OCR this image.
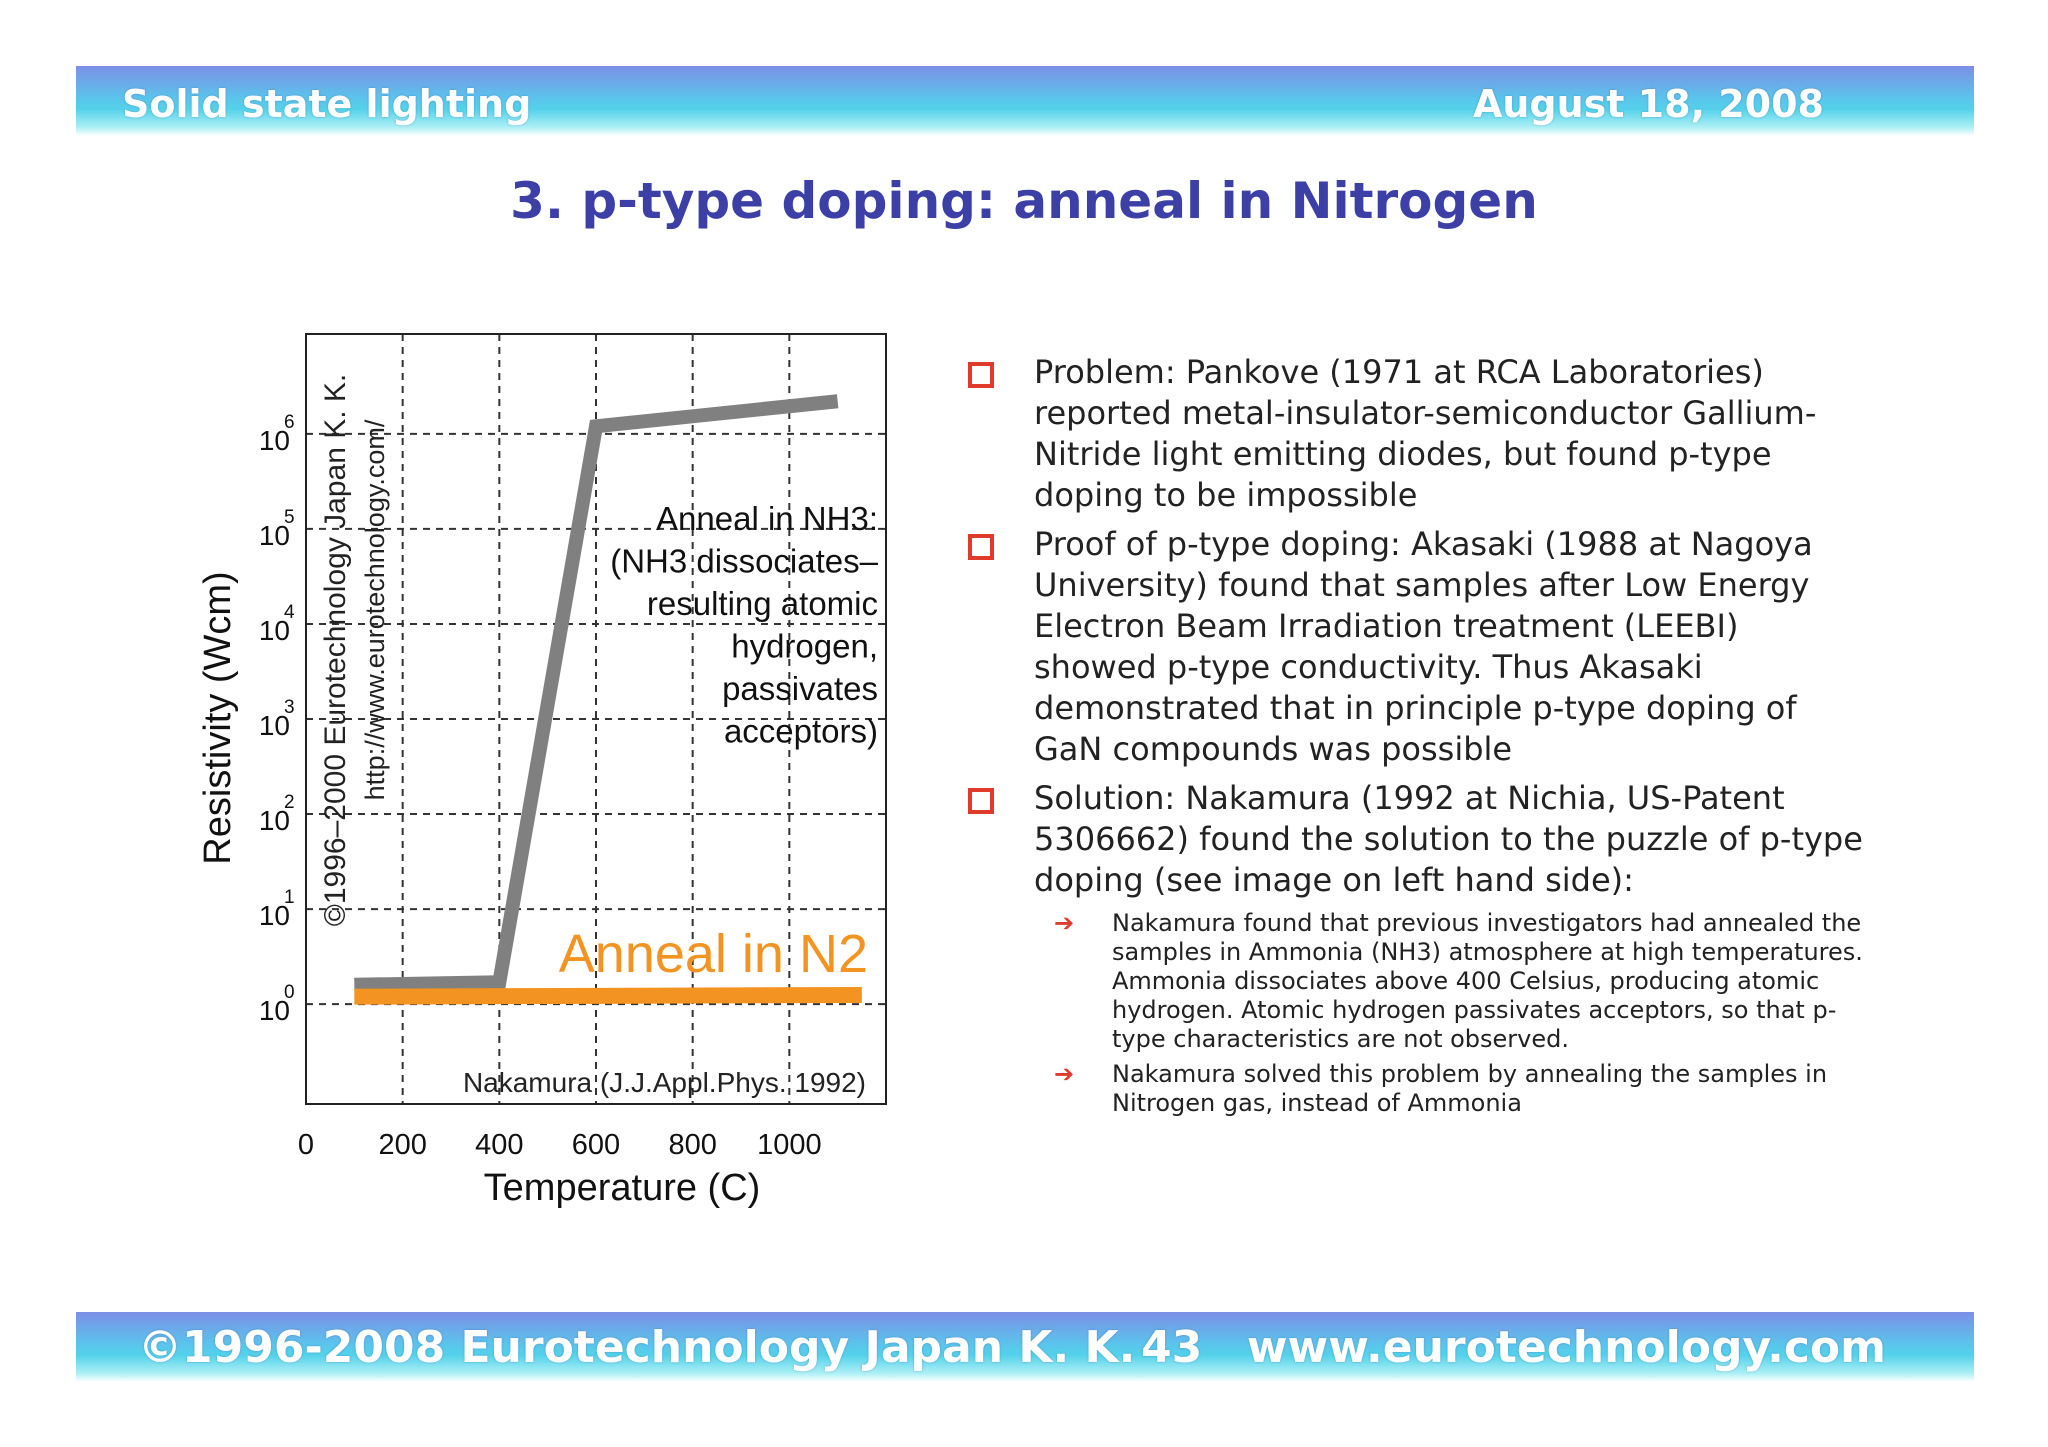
Solid state lighting	August 18, 2008
3. p-type doping: anneal in Nitrogen
10
0
10
1
10
2
10
3
10
4
10
5
10
6
0 200 400 600 800 1000
Resistivity (Wcm)
Temperature (C)
©1996–2000 Eurotechnology Japan K. K. http://www.eurotechnology.com/	Anneal in NH3:
(NH3 dissociates–
resulting atomic
hydrogen,
passivates
acceptors)
Anneal in N2
Nakamura (J.J.Appl.Phys. 1992)
Problem: Pankove (1971 at RCA Laboratories) reported metal-insulator-semiconductor Gallium-Nitride light emitting diodes, but found p-type doping to be impossible
Proof of p-type doping: Akasaki (1988 at Nagoya University) found that samples after Low Energy Electron Beam Irradiation treatment (LEEBI) showed p-type conductivity. Thus Akasaki demonstrated that in principle p-type doping of GaN compounds was possible
Solution: Nakamura (1992 at Nichia, US-Patent 5306662) found the solution to the puzzle of p-type doping (see image on left hand side):
➔ Nakamura found that previous investigators had annealed the samples in Ammonia (NH3) atmosphere at high temperatures. Ammonia dissociates above 400 Celsius, producing atomic hydrogen. Atomic hydrogen passivates acceptors, so that p-type characteristics are not observed.
➔ Nakamura solved this problem by annealing the samples in Nitrogen gas, instead of Ammonia
©1996-2008 Eurotechnology Japan K. K. 43 www.eurotechnology.com
